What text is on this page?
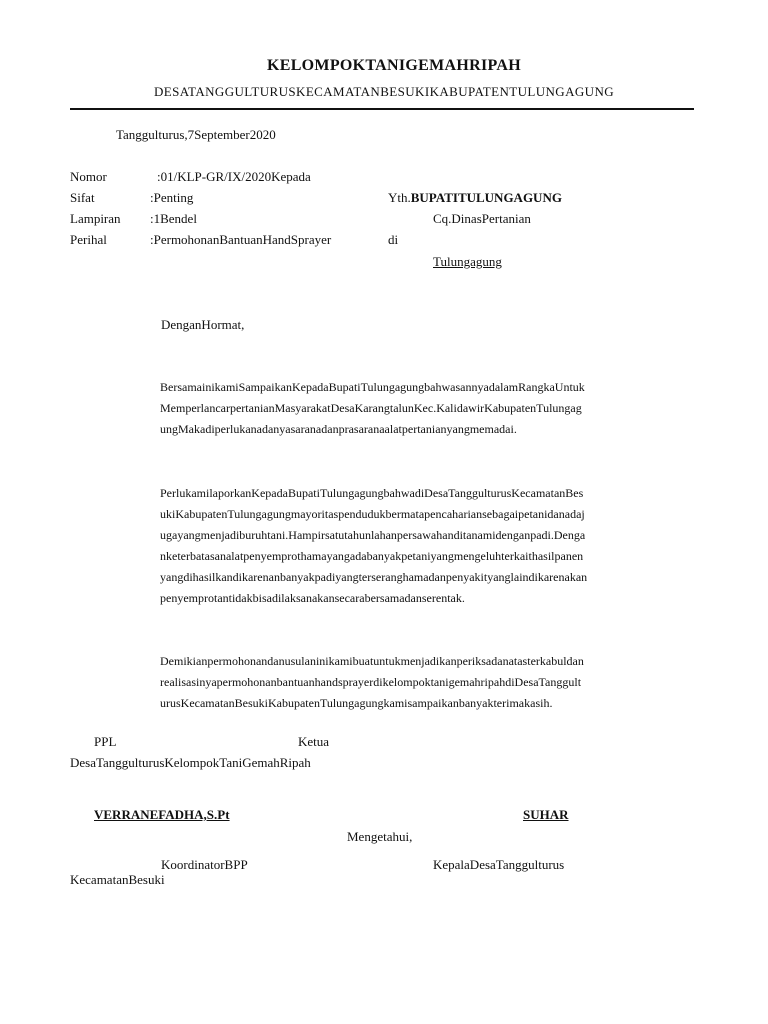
KELOMPOKTANIGEMAHRIPAH
DESATANGGULTURUSKECAMATANBESUKIKABUPATENTULUNGAGUNG
Tanggulturus,7September2020
Nomor	:01/KLP-GR/IX/2020Kepada
Sifat	:Penting
Lampiran :1Bendel
Perihal	:PermohonanBantuanHandSprayer
Yth.BUPATITULUNGAGUNG
Cq.DinasPertanian
di
Tulungagung
DenganHormat,
BersamainikamiSampaikanKepadaBupatiTulungagungbahwasannyadalamRangkaUntuk
MemperlancarpertanianMasyarakatDesaKarangtalunKec.KalidawirKabupatenTulungag
ungMakadiperlukanadanyasaranadanprasaranaalatpertanianyangmemadai.
PerlukamilaporkanKepadaBupatiTulungagungbahwadiDesaTanggulturusKecamatanBes
ukiKabupatenTulungagungmayoritaspendudukbermatapencahariansebagaipetanidanadaj
ugayangmenjadiburuhtani.Hampirsatutahunlahanpersawahanditanamidenganpadi.Denga
nketerbatasanalatpenyemprothamayangadabanyakpetaniyangmengeluhterkaithasilpanen
yangdihasilkandikarenanbanyakpadiyangterseranghamadanpenyakityanglaindikarenakan
penyemprotantidakbisadilaksanakansecarabersamadanserentak.
Demikianpermohonandanusulaninikamibuatuntukmenjadikanperiksadanatasterkabuldan
realisasinyapermohonanbantuanhandsprayerdikelompoktanigemahripahdiDesaTanggult
urusKecamatanBesukiKabupatenTulungagungkamisampaikanbanyakterimakasih.
PPL	Ketua
DesaTanggulturusKelompokTaniGemahRipah
VERRANEFADHA,S.Pt	SUHAR
Mengetahui,
KoordinatorBPP	KepalaDesaTanggulturus
KecamatanBesuki
